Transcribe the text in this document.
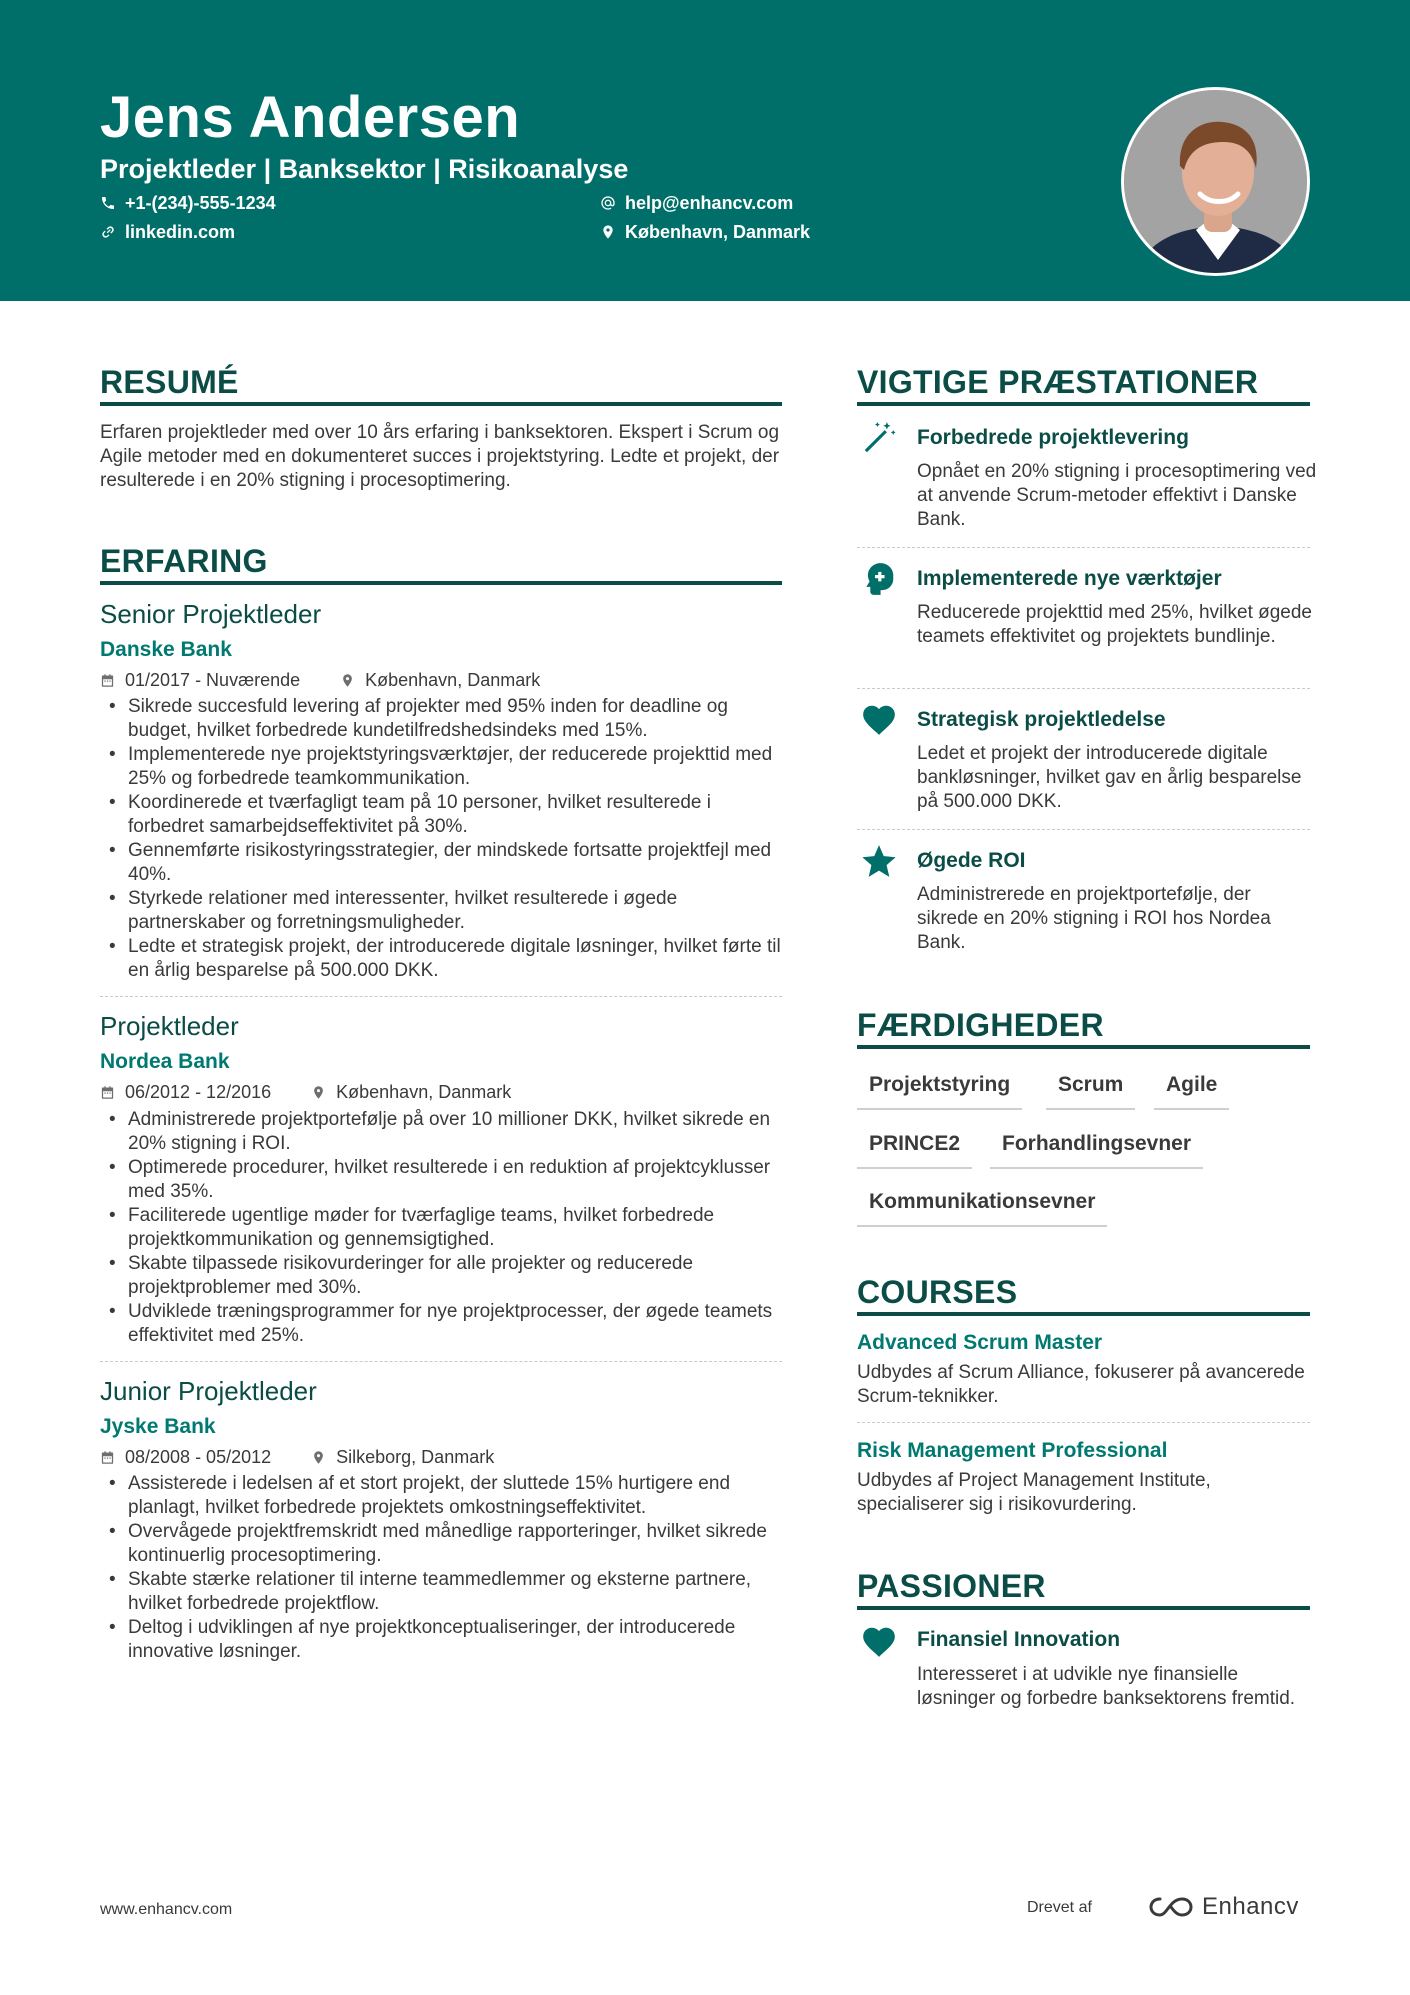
Jens Andersen
Projektleder | Banksektor | Risikoanalyse
+1-(234)-555-1234	help@enhancv.com
linkedin.com	København, Danmark
RESUMÉ
Erfaren projektleder med over 10 års erfaring i banksektoren. Ekspert i Scrum og Agile metoder med en dokumenteret succes i projektstyring. Ledte et projekt, der resulterede i en 20% stigning i procesoptimering.
ERFARING
Senior Projektleder
Danske Bank
01/2017 - Nuværende	København, Danmark
• Sikrede succesfuld levering af projekter med 95% inden for deadline og budget, hvilket forbedrede kundetilfredshedsindeks med 15%.
• Implementerede nye projektstyringsværktøjer, der reducerede projekttid med 25% og forbedrede teamkommunikation.
• Koordinerede et tværfagligt team på 10 personer, hvilket resulterede i forbedret samarbejdseffektivitet på 30%.
• Gennemførte risikostyringsstrategier, der mindskede fortsatte projektfejl med 40%.
• Styrkede relationer med interessenter, hvilket resulterede i øgede partnerskaber og forretningsmuligheder.
• Ledte et strategisk projekt, der introducerede digitale løsninger, hvilket førte til en årlig besparelse på 500.000 DKK.
Projektleder
Nordea Bank
06/2012 - 12/2016	København, Danmark
• Administrerede projektportefølje på over 10 millioner DKK, hvilket sikrede en 20% stigning i ROI.
• Optimerede procedurer, hvilket resulterede i en reduktion af projektcyklusser med 35%.
• Faciliterede ugentlige møder for tværfaglige teams, hvilket forbedrede projektkommunikation og gennemsigtighed.
• Skabte tilpassede risikovurderinger for alle projekter og reducerede projektproblemer med 30%.
• Udviklede træningsprogrammer for nye projektprocesser, der øgede teamets effektivitet med 25%.
Junior Projektleder
Jyske Bank
08/2008 - 05/2012	Silkeborg, Danmark
• Assisterede i ledelsen af et stort projekt, der sluttede 15% hurtigere end planlagt, hvilket forbedrede projektets omkostningseffektivitet.
• Overvågede projektfremskridt med månedlige rapporteringer, hvilket sikrede kontinuerlig procesoptimering.
• Skabte stærke relationer til interne teammedlemmer og eksterne partnere, hvilket forbedrede projektflow.
• Deltog i udviklingen af nye projektkonceptualiseringer, der introducerede innovative løsninger.
VIGTIGE PRÆSTATIONER
Forbedrede projektlevering
Opnået en 20% stigning i procesoptimering ved at anvende Scrum-metoder effektivt i Danske Bank.
Implementerede nye værktøjer
Reducerede projekttid med 25%, hvilket øgede teamets effektivitet og projektets bundlinje.
Strategisk projektledelse
Ledet et projekt der introducerede digitale bankløsninger, hvilket gav en årlig besparelse på 500.000 DKK.
Øgede ROI
Administrerede en projektportefølje, der sikrede en 20% stigning i ROI hos Nordea Bank.
FÆRDIGHEDER
Projektstyring	Scrum	Agile
PRINCE2	Forhandlingsevner
Kommunikationsevner
COURSES
Advanced Scrum Master
Udbydes af Scrum Alliance, fokuserer på avancerede Scrum-teknikker.
Risk Management Professional
Udbydes af Project Management Institute, specialiserer sig i risikovurdering.
PASSIONER
Finansiel Innovation
Interesseret i at udvikle nye finansielle løsninger og forbedre banksektorens fremtid.
www.enhancv.com	Drevet af	Enhancv
